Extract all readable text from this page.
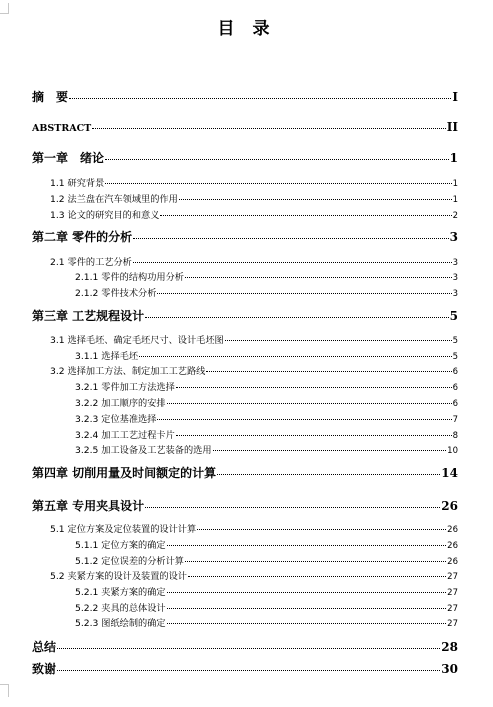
目 录
摘　要	I
ABSTRACT	II
第一章　绪论	1
1.1 研究背景	1
1.2 法兰盘在汽车领域里的作用	1
1.3 论文的研究目的和意义	2
第二章 零件的分析	3
2.1 零件的工艺分析	3
2.1.1 零件的结构功用分析	3
2.1.2 零件技术分析	3
第三章 工艺规程设计	5
3.1 选择毛坯、确定毛坯尺寸、设计毛坯图	5
3.1.1 选择毛坯	5
3.2 选择加工方法、制定加工工艺路线	6
3.2.1 零件加工方法选择	6
3.2.2 加工顺序的安排	6
3.2.3 定位基准选择	7
3.2.4 加工工艺过程卡片	8
3.2.5 加工设备及工艺装备的选用	10
第四章 切削用量及时间额定的计算	14
第五章 专用夹具设计	26
5.1 定位方案及定位装置的设计计算	26
5.1.1 定位方案的确定	26
5.1.2 定位误差的分析计算	26
5.2 夹紧方案的设计及装置的设计	27
5.2.1 夹紧方案的确定	27
5.2.2 夹具的总体设计	27
5.2.3 图纸绘制的确定	27
总结	28
致谢	30
